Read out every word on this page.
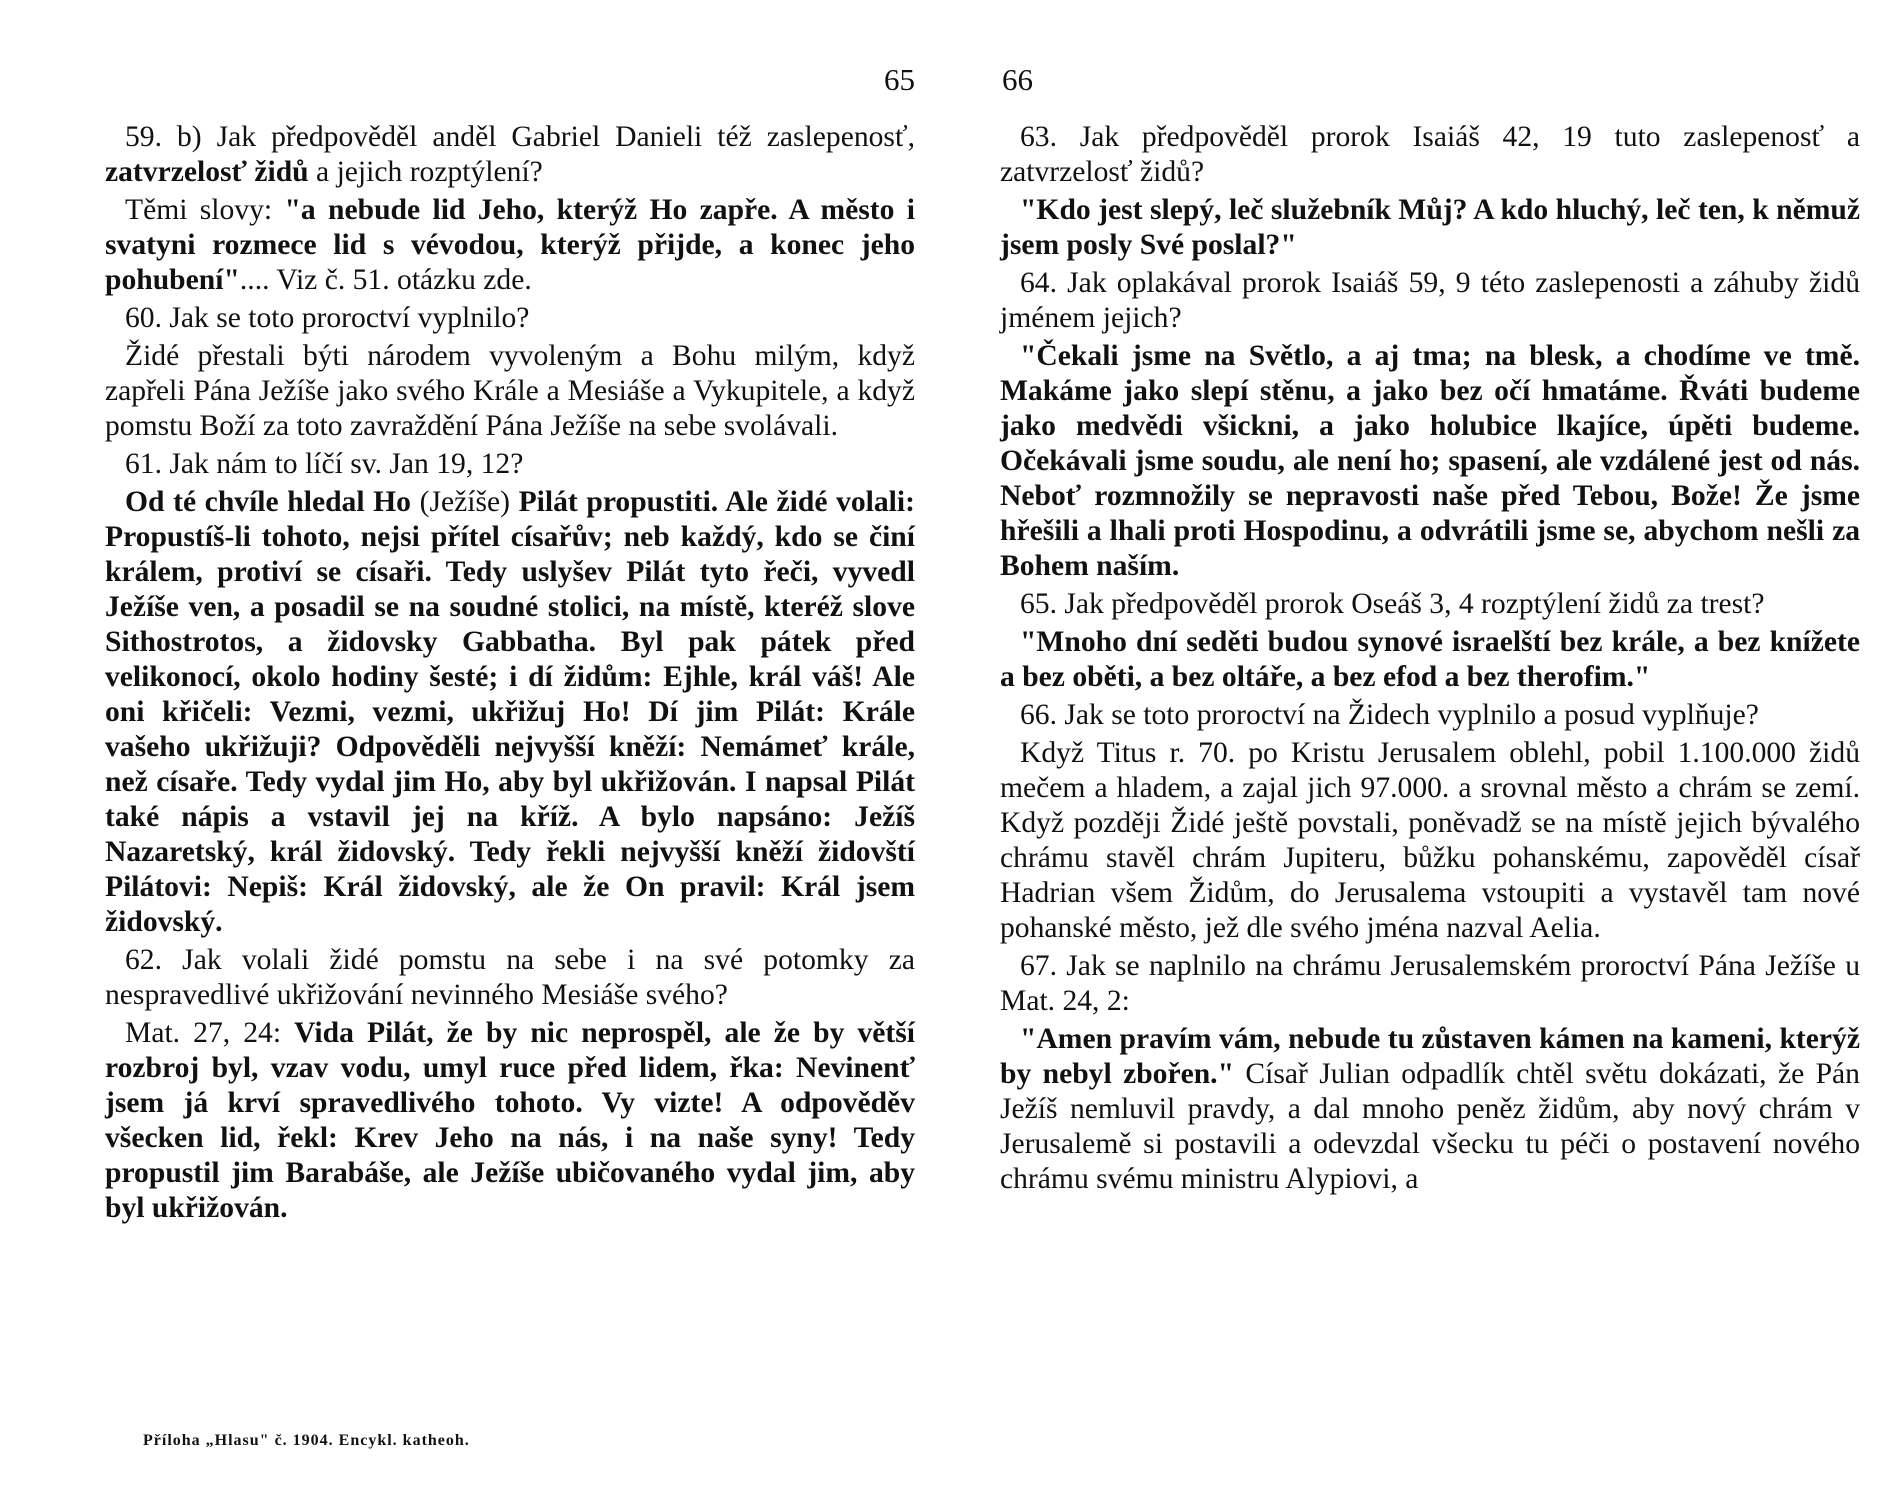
65

59. b) Jak předpověděl anděl Gabriel Danieli též zaslepenosť, zatvrzelosť židů a jejich rozptýlení?

Těmi slovy: "a nebude lid Jeho, kterýž Ho zapře. A město i svatyni rozmece lid s vévodou, kterýž přijde, a konec jeho pohubení".... Viz č. 51. otázku zde.

60. Jak se toto proroctví vyplnilo?

Židé přestali býti národem vyvoleným a Bohu milým, když zapřeli Pána Ježíše jako svého Krále a Mesiáše a Vykupitele, a když pomstu Boží za toto zavraždění Pána Ježíše na sebe svolávali.

61. Jak nám to líčí sv. Jan 19, 12?

Od té chvíle hledal Ho (Ježíše) Pilát propustiti. Ale židé volali: Propustíš-li tohoto, nejsi přítel císařův; neb každý, kdo se činí králem, protiví se císaři. Tedy uslyšev Pilát tyto řeči, vyvedl Ježíše ven, a posadil se na soudné stolici, na místě, kteréž slove Sithostrotos, a židovsky Gabbatha. Byl pak pátek před velikonocí, okolo hodiny šesté; i dí židům: Ejhle, král váš! Ale oni křičeli: Vezmi, vezmi, ukřižuj Ho! Dí jim Pilát: Krále vašeho ukřižuji? Odpověděli nejvyšší kněží: Nemámeť krále, než císaře. Tedy vydal jim Ho, aby byl ukřižován. I napsal Pilát také nápis a vstavil jej na kříž. A bylo napsáno: Ježíš Nazaretský, král židovský. Tedy řekli nejvyšší kněží židovští Pilátovi: Nepiš: Král židovský, ale že On pravil: Král jsem židovský.

62. Jak volali židé pomstu na sebe i na své potomky za nespravedlivé ukřižování nevinného Mesiáše svého?

Mat. 27, 24: Vida Pilát, že by nic neprospěl, ale že by větší rozbroj byl, vzav vodu, umyl ruce před lidem, řka: Nevinenť jsem já krví spravedlivého tohoto. Vy vizte! A odpověděv všecken lid, řekl: Krev Jeho na nás, i na naše syny! Tedy propustil jim Barabáše, ale Ježíše ubičovaného vydal jim, aby byl ukřižován.

Příloha „Hlasu" č. 1904. Encykl. katheoh.
66

63. Jak předpověděl prorok Isaiáš 42, 19 tuto zaslepenosť a zatvrzelosť židů?

"Kdo jest slepý, leč služebník Můj? A kdo hluchý, leč ten, k němuž jsem posly Své poslal?"

64. Jak oplakával prorok Isaiáš 59, 9 této zaslepenosti a záhuby židů jménem jejich?

"Čekali jsme na Světlo, a aj tma; na blesk, a chodíme ve tmě. Makáme jako slepí stěnu, a jako bez očí hmatáme. Řváti budeme jako medvědi všickni, a jako holubice lkajíce, úpěti budeme. Očekávali jsme soudu, ale není ho; spasení, ale vzdálené jest od nás. Neboť rozmnožily se nepravosti naše před Tebou, Bože! Že jsme hřešili a lhali proti Hospodinu, a odvrátili jsme se, abychom nešli za Bohem naším.

65. Jak předpověděl prorok Oseáš 3, 4 rozptýlení židů za trest?

"Mnoho dní seděti budou synové israelští bez krále, a bez knížete a bez oběti, a bez oltáře, a bez efod a bez therofim."

66. Jak se toto proroctví na Židech vyplnilo a posud vyplňuje?

Když Titus r. 70. po Kristu Jerusalem oblehl, pobil 1.100.000 židů mečem a hladem, a zajal jich 97.000. a srovnal město a chrám se zemí. Když později Židé ještě povstali, poněvadž se na místě jejich bývalého chrámu stavěl chrám Jupiteru, bůžku pohanskému, zapověděl císař Hadrian všem Židům, do Jerusalema vstoupiti a vystavěl tam nové pohanské město, jež dle svého jména nazval Aelia.

67. Jak se naplnilo na chrámu Jerusalemském proroctví Pána Ježíše u Mat. 24, 2:

"Amen pravím vám, nebude tu zůstaven kámen na kameni, kterýž by nebyl zbořen." Císař Julian odpadlík chtěl světu dokázati, že Pán Ježíš nemluvil pravdy, a dal mnoho peněz židům, aby nový chrám v Jerusalemě si postavili a odevzdal všecku tu péči o postavení nového chrámu svému ministru Alypiovi, a
